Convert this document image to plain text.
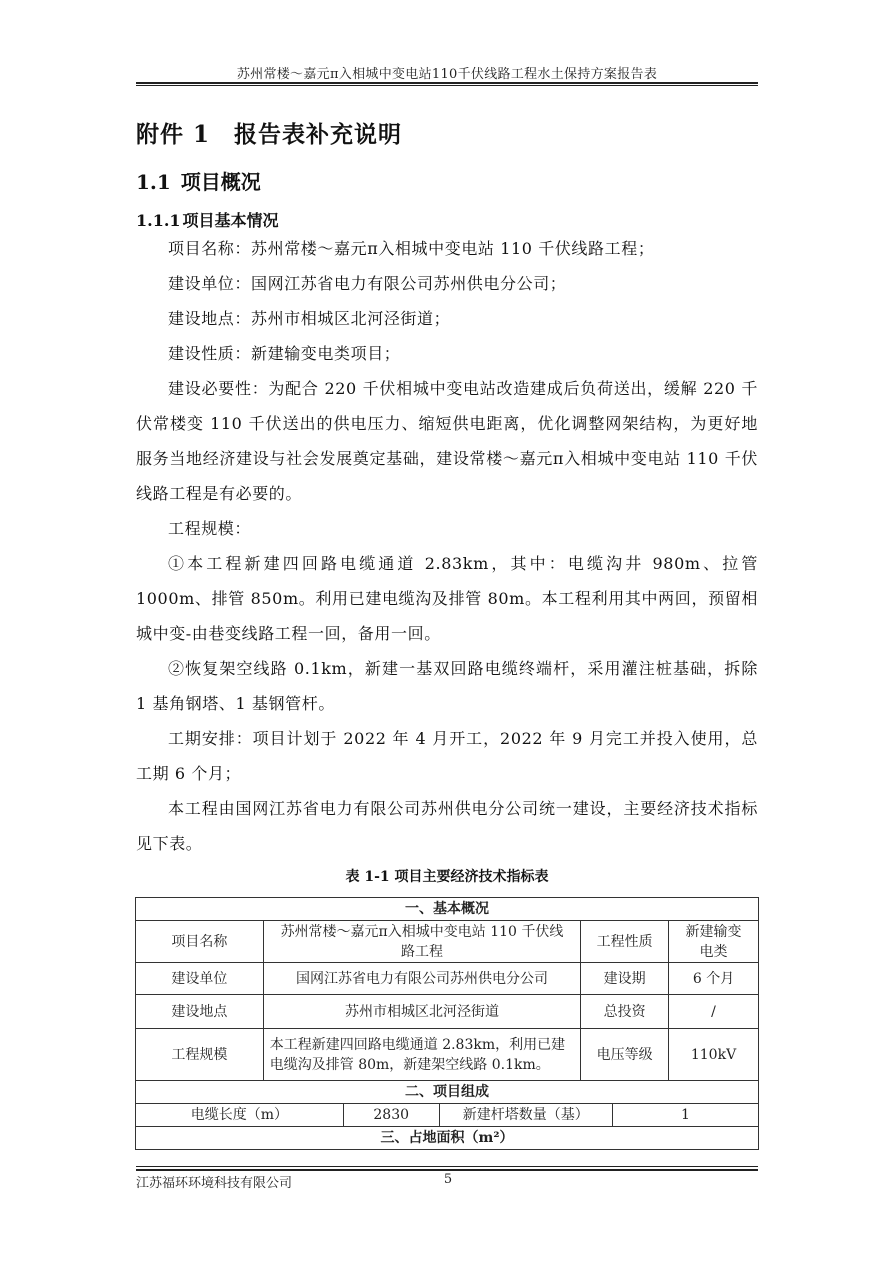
苏州常楼～嘉元π入相城中变电站110千伏线路工程水土保持方案报告表
附件 1 报告表补充说明
1.1 项目概况
1.1.1 项目基本情况

项目名称：苏州常楼～嘉元π入相城中变电站 110 千伏线路工程；

建设单位：国网江苏省电力有限公司苏州供电分公司；

建设地点：苏州市相城区北河泾街道；

建设性质：新建输变电类项目；

建设必要性：为配合 220 千伏相城中变电站改造建成后负荷送出，缓解 220 千伏常楼变 110 千伏送出的供电压力、缩短供电距离，优化调整网架结构，为更好地服务当地经济建设与社会发展奠定基础，建设常楼～嘉元π入相城中变电站 110 千伏线路工程是有必要的。

工程规模：

①本工程新建四回路电缆通道 2.83km，其中：电缆沟井 980m、拉管 1000m、排管 850m。利用已建电缆沟及排管 80m。本工程利用其中两回，预留相城中变-由巷变线路工程一回，备用一回。

②恢复架空线路 0.1km，新建一基双回路电缆终端杆，采用灌注桩基础，拆除 1 基角钢塔、1 基钢管杆。

工期安排：项目计划于 2022 年 4 月开工，2022 年 9 月完工并投入使用，总工期 6 个月；

本工程由国网江苏省电力有限公司苏州供电分公司统一建设，主要经济技术指标见下表。

表 1-1 项目主要经济技术指标表
一、基本概况
项目名称	苏州常楼～嘉元π入相城中变电站 110 千伏线路工程	工程性质	新建输变电类
建设单位	国网江苏省电力有限公司苏州供电分公司	建设期	6 个月
建设地点	苏州市相城区北河泾街道	总投资	/
工程规模	本工程新建四回路电缆通道 2.83km，利用已建电缆沟及排管 80m，新建架空线路 0.1km。	电压等级	110kV
二、项目组成

电缆长度（m）	2830	新建杆塔数量（基）	1

三、占地面积（m²）
江苏福环环境科技有限公司	5
